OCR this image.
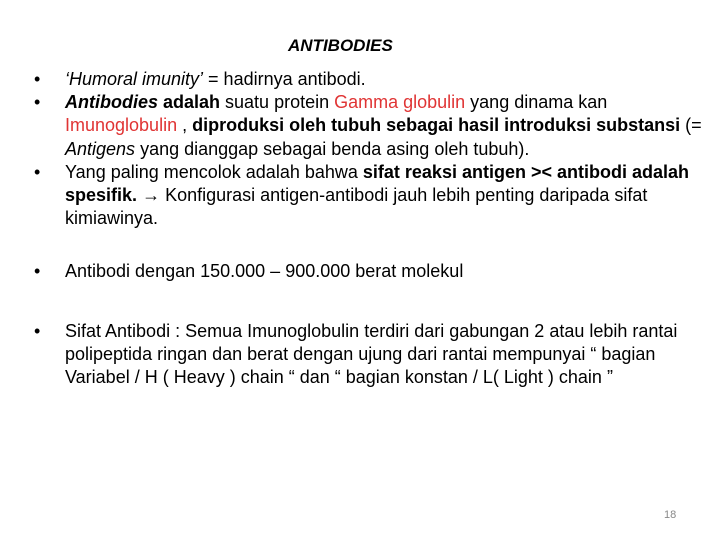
ANTIBODIES
•	‘Humoral imunity’ = hadirnya antibodi.
•	Antibodies adalah suatu protein Gamma globulin yang dinama kan Imunoglobulin , diproduksi oleh tubuh sebagai hasil introduksi substansi (= Antigens yang dianggap sebagai benda asing oleh tubuh).
•	Yang paling mencolok adalah bahwa sifat reaksi antigen >< antibodi adalah spesifik. → Konfigurasi antigen-antibodi jauh lebih penting daripada sifat kimiawinya.
•	Antibodi dengan 150.000 – 900.000 berat molekul
•	Sifat Antibodi : Semua Imunoglobulin terdiri dari gabungan 2 atau lebih rantai polipeptida ringan dan berat dengan ujung dari rantai mempunyai “ bagian Variabel / H ( Heavy ) chain “ dan “ bagian konstan / L( Light ) chain ”
18
